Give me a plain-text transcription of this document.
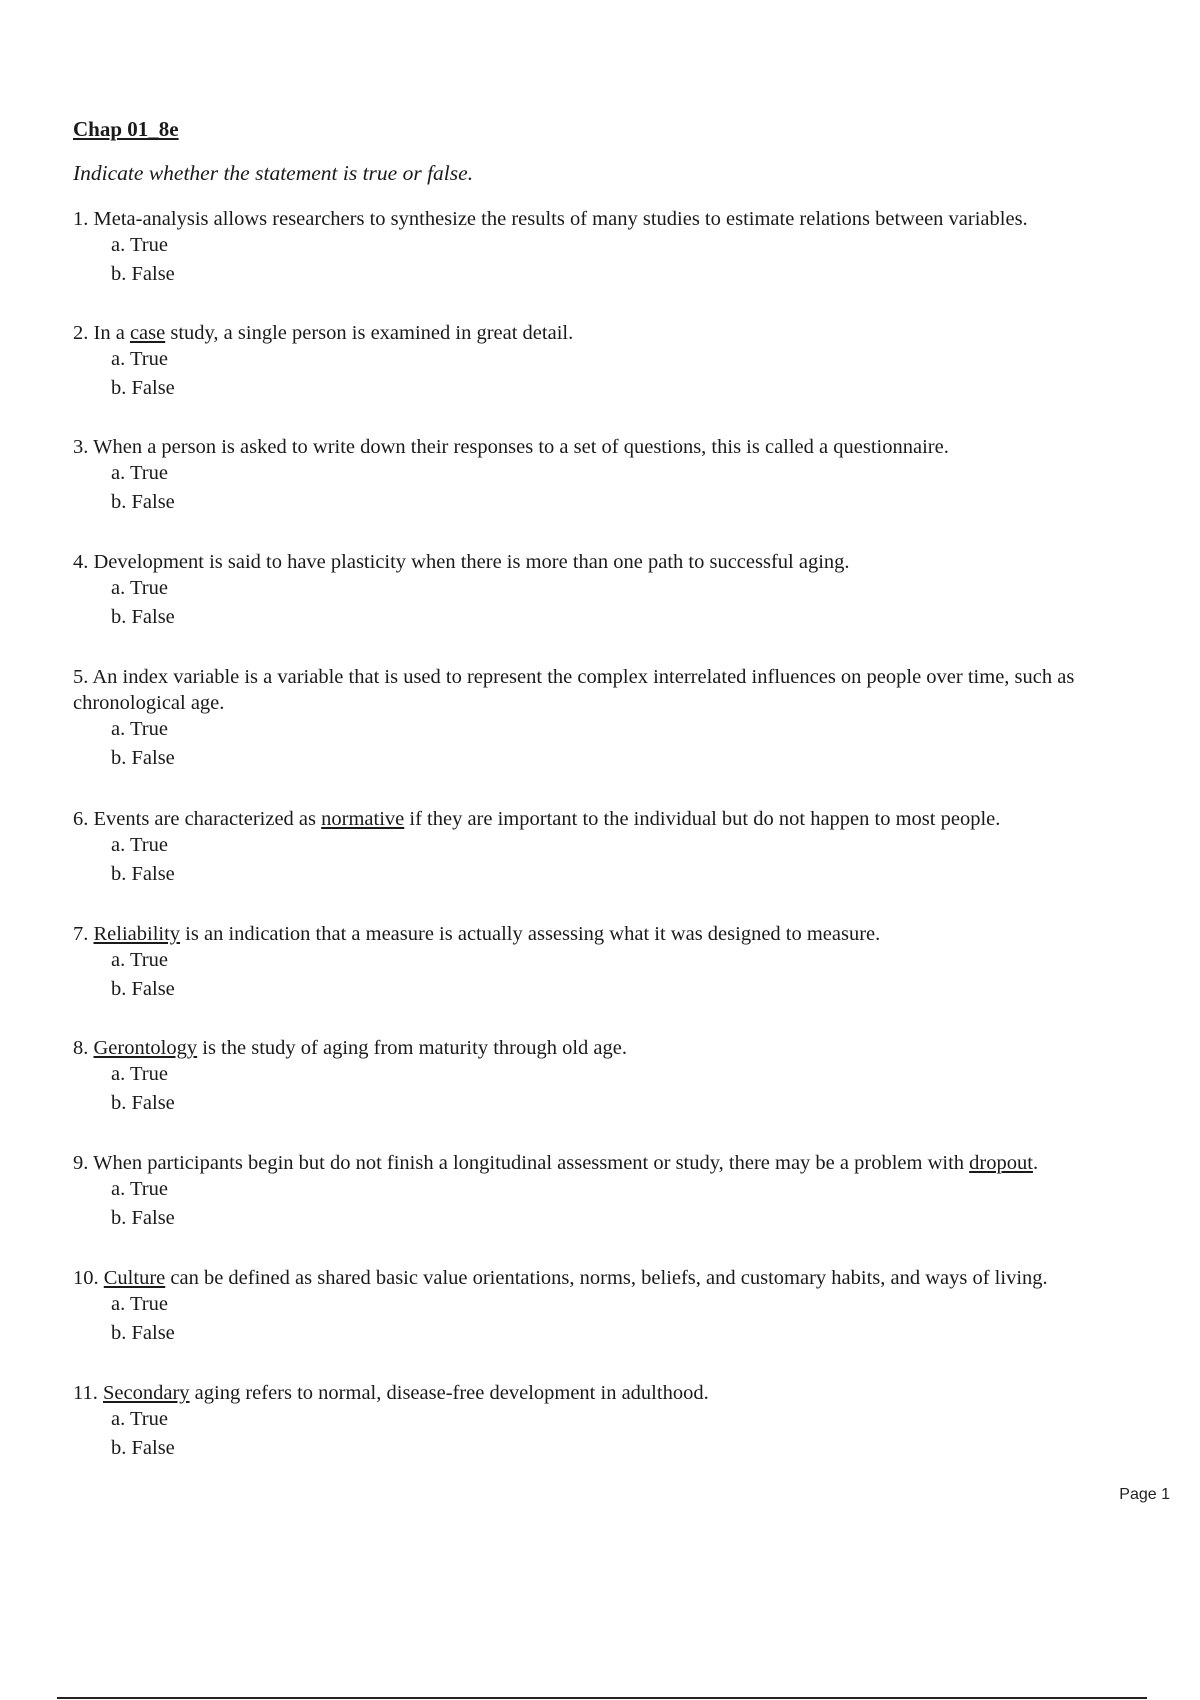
Chap 01_8e
Indicate whether the statement is true or false.

1. Meta-analysis allows researchers to synthesize the results of many studies to estimate relations between variables.

a. True
b. False

2. In a case study, a single person is examined in great detail.

a. True
b. False

3. When a person is asked to write down their responses to a set of questions, this is called a questionnaire.

a. True
b. False

4. Development is said to have plasticity when there is more than one path to successful aging.

a. True
b. False

5. An index variable is a variable that is used to represent the complex interrelated influences on people over time, such as chronological age.

a. True
b. False

6. Events are characterized as normative if they are important to the individual but do not happen to most people.

a. True
b. False

7. Reliability is an indication that a measure is actually assessing what it was designed to measure.

a. True
b. False

8. Gerontology is the study of aging from maturity through old age.

a. True
b. False

9. When participants begin but do not finish a longitudinal assessment or study, there may be a problem with dropout.

a. True
b. False

10. Culture can be defined as shared basic value orientations, norms, beliefs, and customary habits, and ways of living.

a. True
b. False

11. Secondary aging refers to normal, disease-free development in adulthood.

a. True
b. False
Page 1
